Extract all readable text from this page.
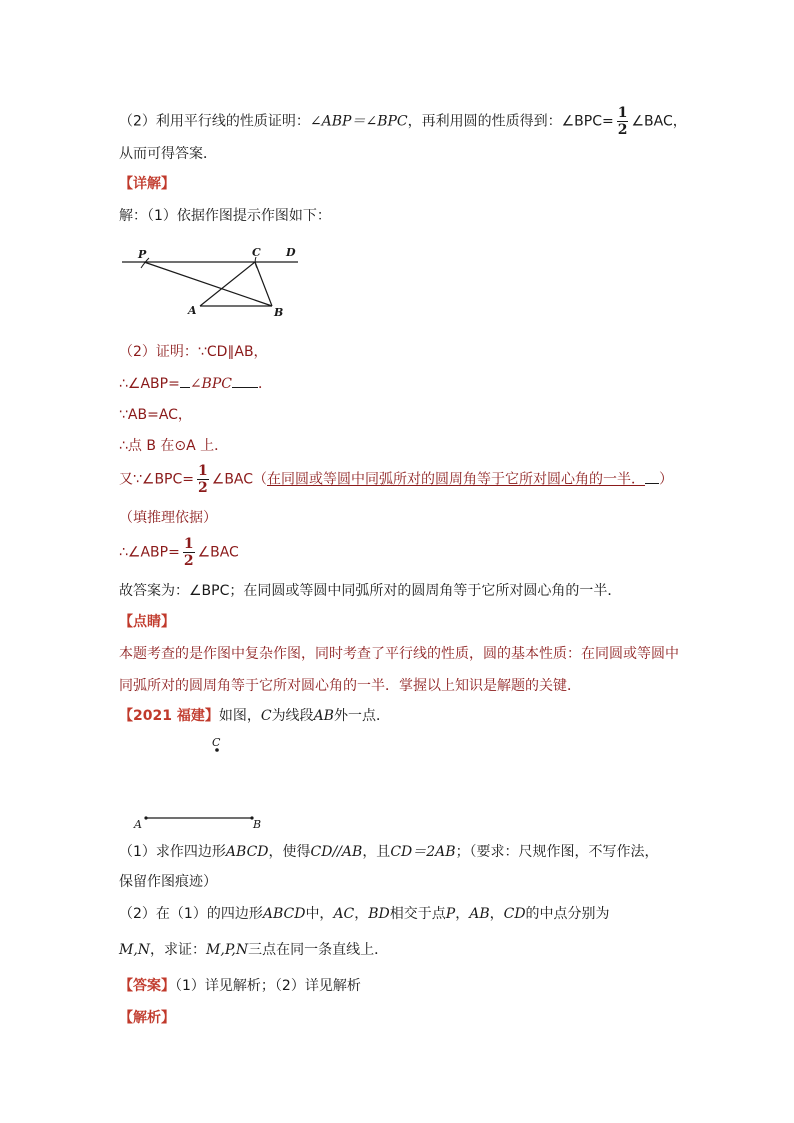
（2）利用平行线的性质证明：∠ABP＝∠BPC，再利用圆的性质得到：∠BPC= $\frac{1}{2}$ ∠BAC，
从而可得答案．
【详解】
解：（1）依据作图提示作图如下：
P	C D
A	B
（2）证明：∵CD∥AB，
∴∠ABP= ∠BPC ．
∵AB=AC，
∴点 B 在⊙A 上．
又∵∠BPC= $\frac{1}{2}$ ∠BAC（在同圆或等圆中同弧所对的圆周角等于它所对圆心角的一半． ）
（填推理依据）
∴∠ABP= $\frac{1}{2}$ ∠BAC
故答案为：∠BPC；在同圆或等圆中同弧所对的圆周角等于它所对圆心角的一半．
【点睛】
本题考查的是作图中复杂作图，同时考查了平行线的性质，圆的基本性质：在同圆或等圆中
同弧所对的圆周角等于它所对圆心角的一半．掌握以上知识是解题的关键．
【2021 福建】如图，C为线段AB外一点．
C
A	B
（1）求作四边形ABCD，使得CD//AB，且CD＝2AB；（要求：尺规作图，不写作法，
保留作图痕迹）
（2）在（1）的四边形ABCD中，AC，BD相交于点P，AB，CD的中点分别为
M,N，求证：M,P,N三点在同一条直线上．
【答案】（1）详见解析；（2）详见解析
【解析】
